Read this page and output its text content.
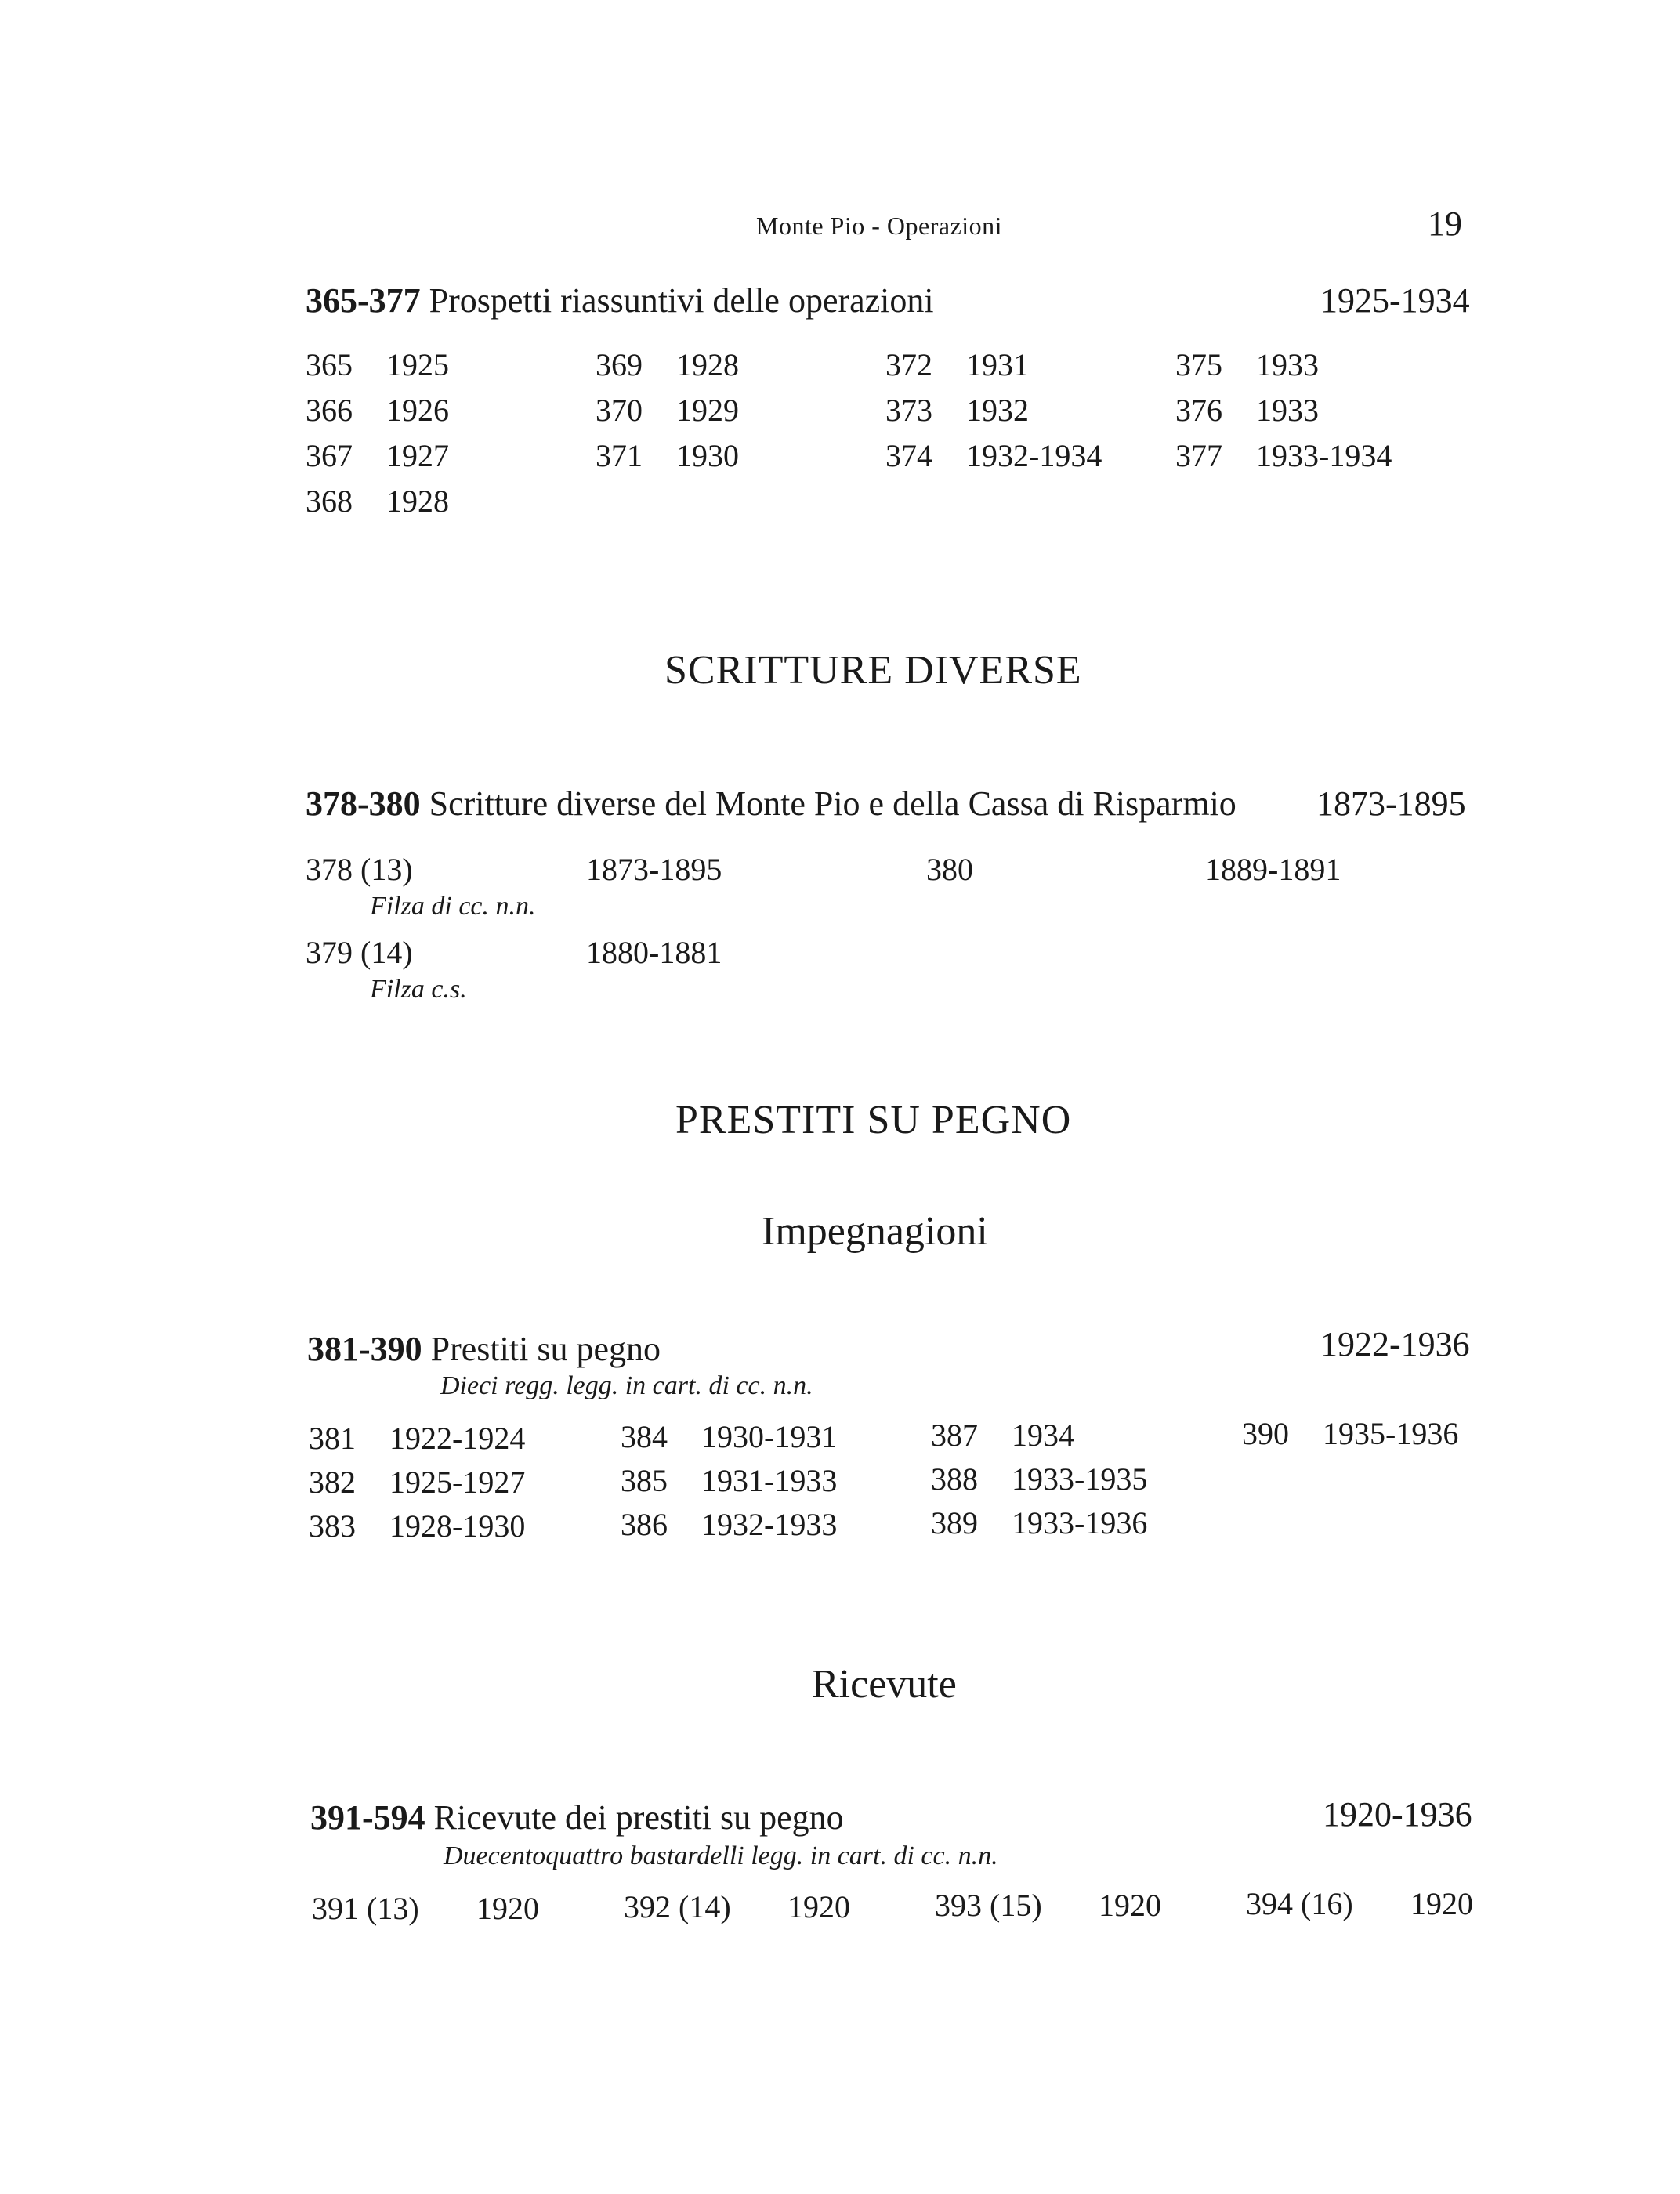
Monte Pio - Operazioni	19
365-377 Prospetti riassuntivi delle operazioni	1925-1934
365 1925
366 1926
367 1927
368 1928
369 1928
370 1929
371 1930
372 1931
373 1932
374 1932-1934
375 1933
376 1933
377 1933-1934
SCRITTURE DIVERSE
378-380 Scritture diverse del Monte Pio e della Cassa di Risparmio 1873-1895
378 (13)	1873-1895
Filza di cc. n.n.
379 (14)	1880-1881
Filza c.s.
380	1889-1891
PRESTITI SU PEGNO
Impegnagioni
381-390 Prestiti su pegno	1922-1936
Dieci regg. legg. in cart. di cc. n.n.
381 1922-1924
382 1925-1927
383 1928-1930
384 1930-1931
385 1931-1933
386 1932-1933
387 1934
388 1933-1935
389 1933-1936
390 1935-1936
Ricevute
391-594 Ricevute dei prestiti su pegno	1920-1936
Duecentoquattro bastardelli legg. in cart. di cc. n.n.
391 (13) 1920	392 (14) 1920	393 (15) 1920	394 (16) 1920
